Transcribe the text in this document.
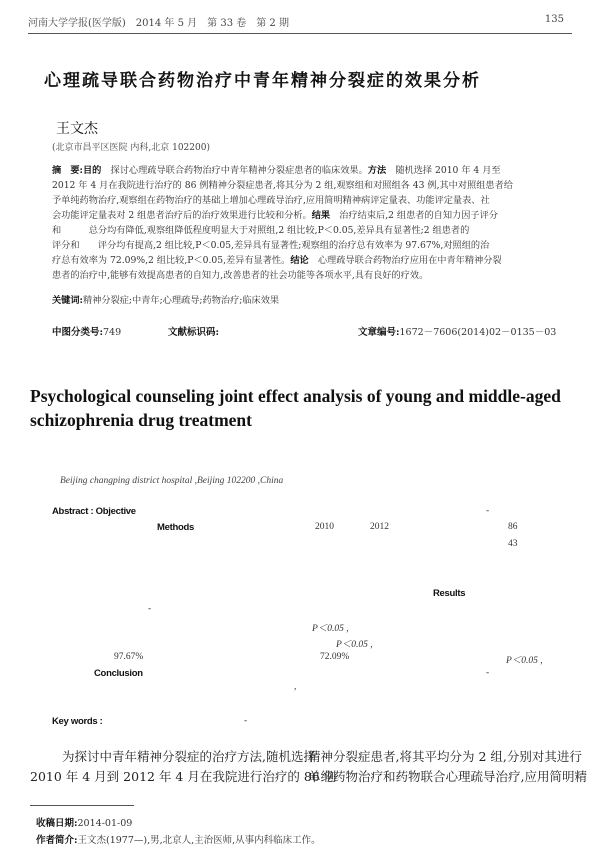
河南大学学报(医学版)　2014 年 5 月　第 33 卷　第 2 期	135
心理疏导联合药物治疗中青年精神分裂症的效果分析
王文杰
(北京市昌平区医院 内科,北京 102200)
摘　要:目的　探讨心理疏导联合药物治疗中青年精神分裂症患者的临床效果。方法　随机选择 2010 年 4 月至
2012 年 4 月在我院进行治疗的 86 例精神分裂症患者,将其分为 2 组,观察组和对照组各 43 例,其中对照组患者给
予单纯药物治疗,观察组在药物治疗的基础上增加心理疏导治疗,应用简明精神病评定量表、功能评定量表、社
会功能评定量表对 2 组患者治疗后的治疗效果进行比较和分析。结果　治疗结束后,2 组患者的自知力因子评分
和　　　总分均有降低,观察组降低程度明显大于对照组,2 组比较,P＜0.05,差异具有显著性;2 组患者的
评分和　　评分均有提高,2 组比较,P＜0.05,差异具有显著性;观察组的治疗总有效率为 97.67%,对照组的治
疗总有效率为 72.09%,2 组比较,P＜0.05,差异有显著性。结论　心理疏导联合药物治疗应用在中青年精神分裂
患者的治疗中,能够有效提高患者的自知力,改善患者的社会功能等各项水平,具有良好的疗效。
关键词:精神分裂症;中青年;心理疏导;药物治疗;临床效果
中图分类号:749	文献标识码:	文章编号:1672－7606(2014)02－0135－03
Psychological counseling joint effect analysis of young and middle-aged
schizophrenia drug treatment
Beijing changping district hospital ,Beijing 102200 ,China
Abstract : Objective	-
Methods	2010	2012	86
43
Results
-
P＜0.05 ,
P＜0.05 ,
97.67%	72.09%	P＜0.05 ,
Conclusion	-
,
Key words :	-
为探讨中青年精神分裂症的治疗方法,随机选择
2010 年 4 月到 2012 年 4 月在我院进行治疗的 86 例
精神分裂症患者,将其平均分为 2 组,分别对其进行
单纯药物治疗和药物联合心理疏导治疗,应用简明精
收稿日期:2014-01-09
作者简介:王文杰(1977—),男,北京人,主治医师,从事内科临床工作。
